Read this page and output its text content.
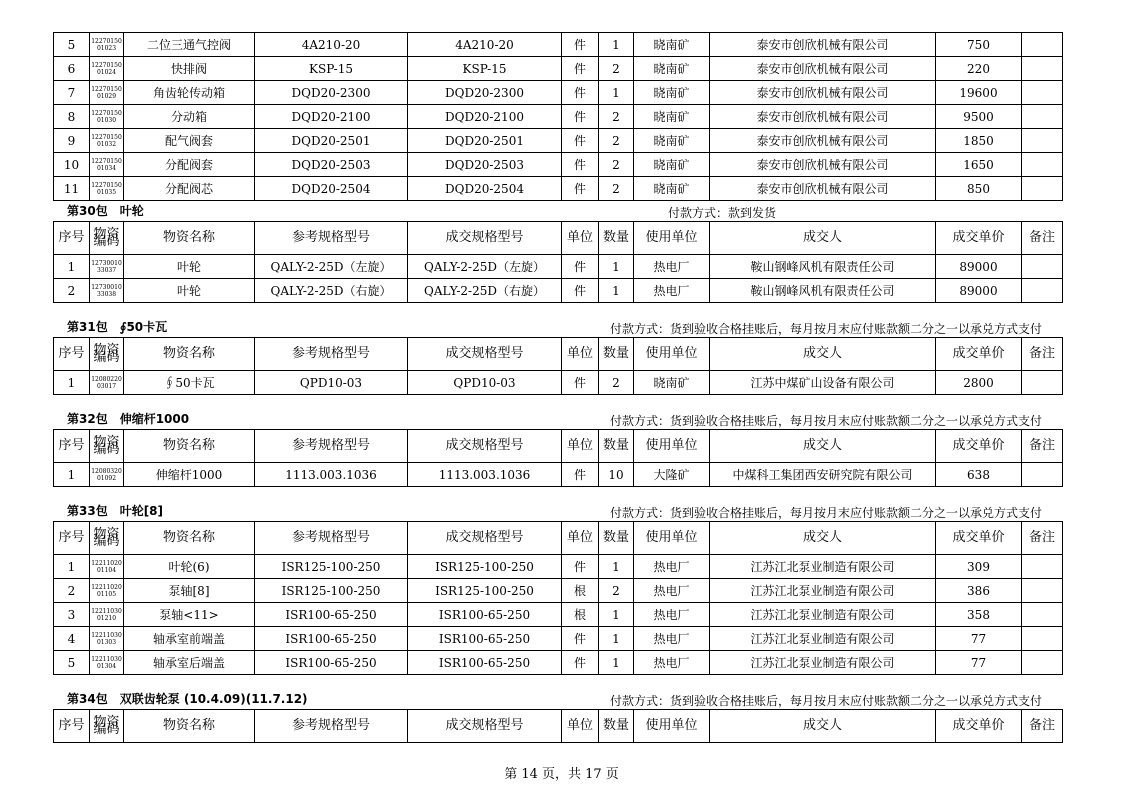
5	1227015001023	二位三通气控阀	4A210-20	4A210-20	件	1	晓南矿	泰安市创欣机械有限公司	750	
6	1227015001024	快排阀	KSP-15	KSP-15	件	2	晓南矿	泰安市创欣机械有限公司	220	
7	1227015001029	角齿轮传动箱	DQD20-2300	DQD20-2300	件	1	晓南矿	泰安市创欣机械有限公司	19600	
8	1227015001030	分动箱	DQD20-2100	DQD20-2100	件	2	晓南矿	泰安市创欣机械有限公司	9500	
9	1227015001032	配气阀套	DQD20-2501	DQD20-2501	件	2	晓南矿	泰安市创欣机械有限公司	1850	
10	1227015001034	分配阀套	DQD20-2503	DQD20-2503	件	2	晓南矿	泰安市创欣机械有限公司	1650	
11	1227015001035	分配阀芯	DQD20-2504	DQD20-2504	件	2	晓南矿	泰安市创欣机械有限公司	850	
第30包　叶轮	付款方式：款到发货
序号	物资编码	物资名称	参考规格型号	成交规格型号	单位	数量	使用单位	成交人	成交单价	备注
1	1273001033037	叶轮	QALY-2-25D（左旋）	QALY-2-25D（左旋）	件	1	热电厂	鞍山钢峰风机有限责任公司	89000	
2	1273001033038	叶轮	QALY-2-25D（右旋）	QALY-2-25D（右旋）	件	1	热电厂	鞍山钢峰风机有限责任公司	89000	
第31包　∮50卡瓦	付款方式：货到验收合格挂账后，每月按月末应付账款额二分之一以承兑方式支付
序号	物资编码	物资名称	参考规格型号	成交规格型号	单位	数量	使用单位	成交人	成交单价	备注
1	1208022003017	∮50卡瓦	QPD10-03	QPD10-03	件	2	晓南矿	江苏中煤矿山设备有限公司	2800	
第32包　伸缩杆1000	付款方式：货到验收合格挂账后，每月按月末应付账款额二分之一以承兑方式支付
序号	物资编码	物资名称	参考规格型号	成交规格型号	单位	数量	使用单位	成交人	成交单价	备注
1	1208032001092	伸缩杆1000	1113.003.1036	1113.003.1036	件	10	大隆矿	中煤科工集团西安研究院有限公司	638	
第33包　叶轮[8]	付款方式：货到验收合格挂账后，每月按月末应付账款额二分之一以承兑方式支付
序号	物资编码	物资名称	参考规格型号	成交规格型号	单位	数量	使用单位	成交人	成交单价	备注
1	1221102001104	叶轮(6)	ISR125-100-250	ISR125-100-250	件	1	热电厂	江苏江北泵业制造有限公司	309	
2	1221102001105	泵轴[8]	ISR125-100-250	ISR125-100-250	根	2	热电厂	江苏江北泵业制造有限公司	386	
3	1221103001210	泵轴<11>	ISR100-65-250	ISR100-65-250	根	1	热电厂	江苏江北泵业制造有限公司	358	
4	1221103001303	轴承室前端盖	ISR100-65-250	ISR100-65-250	件	1	热电厂	江苏江北泵业制造有限公司	77	
5	1221103001304	轴承室后端盖	ISR100-65-250	ISR100-65-250	件	1	热电厂	江苏江北泵业制造有限公司	77	
第34包　双联齿轮泵 (10.4.09)(11.7.12)	付款方式：货到验收合格挂账后，每月按月末应付账款额二分之一以承兑方式支付
序号	物资编码	物资名称	参考规格型号	成交规格型号	单位	数量	使用单位	成交人	成交单价	备注
第 14 页，共 17 页
